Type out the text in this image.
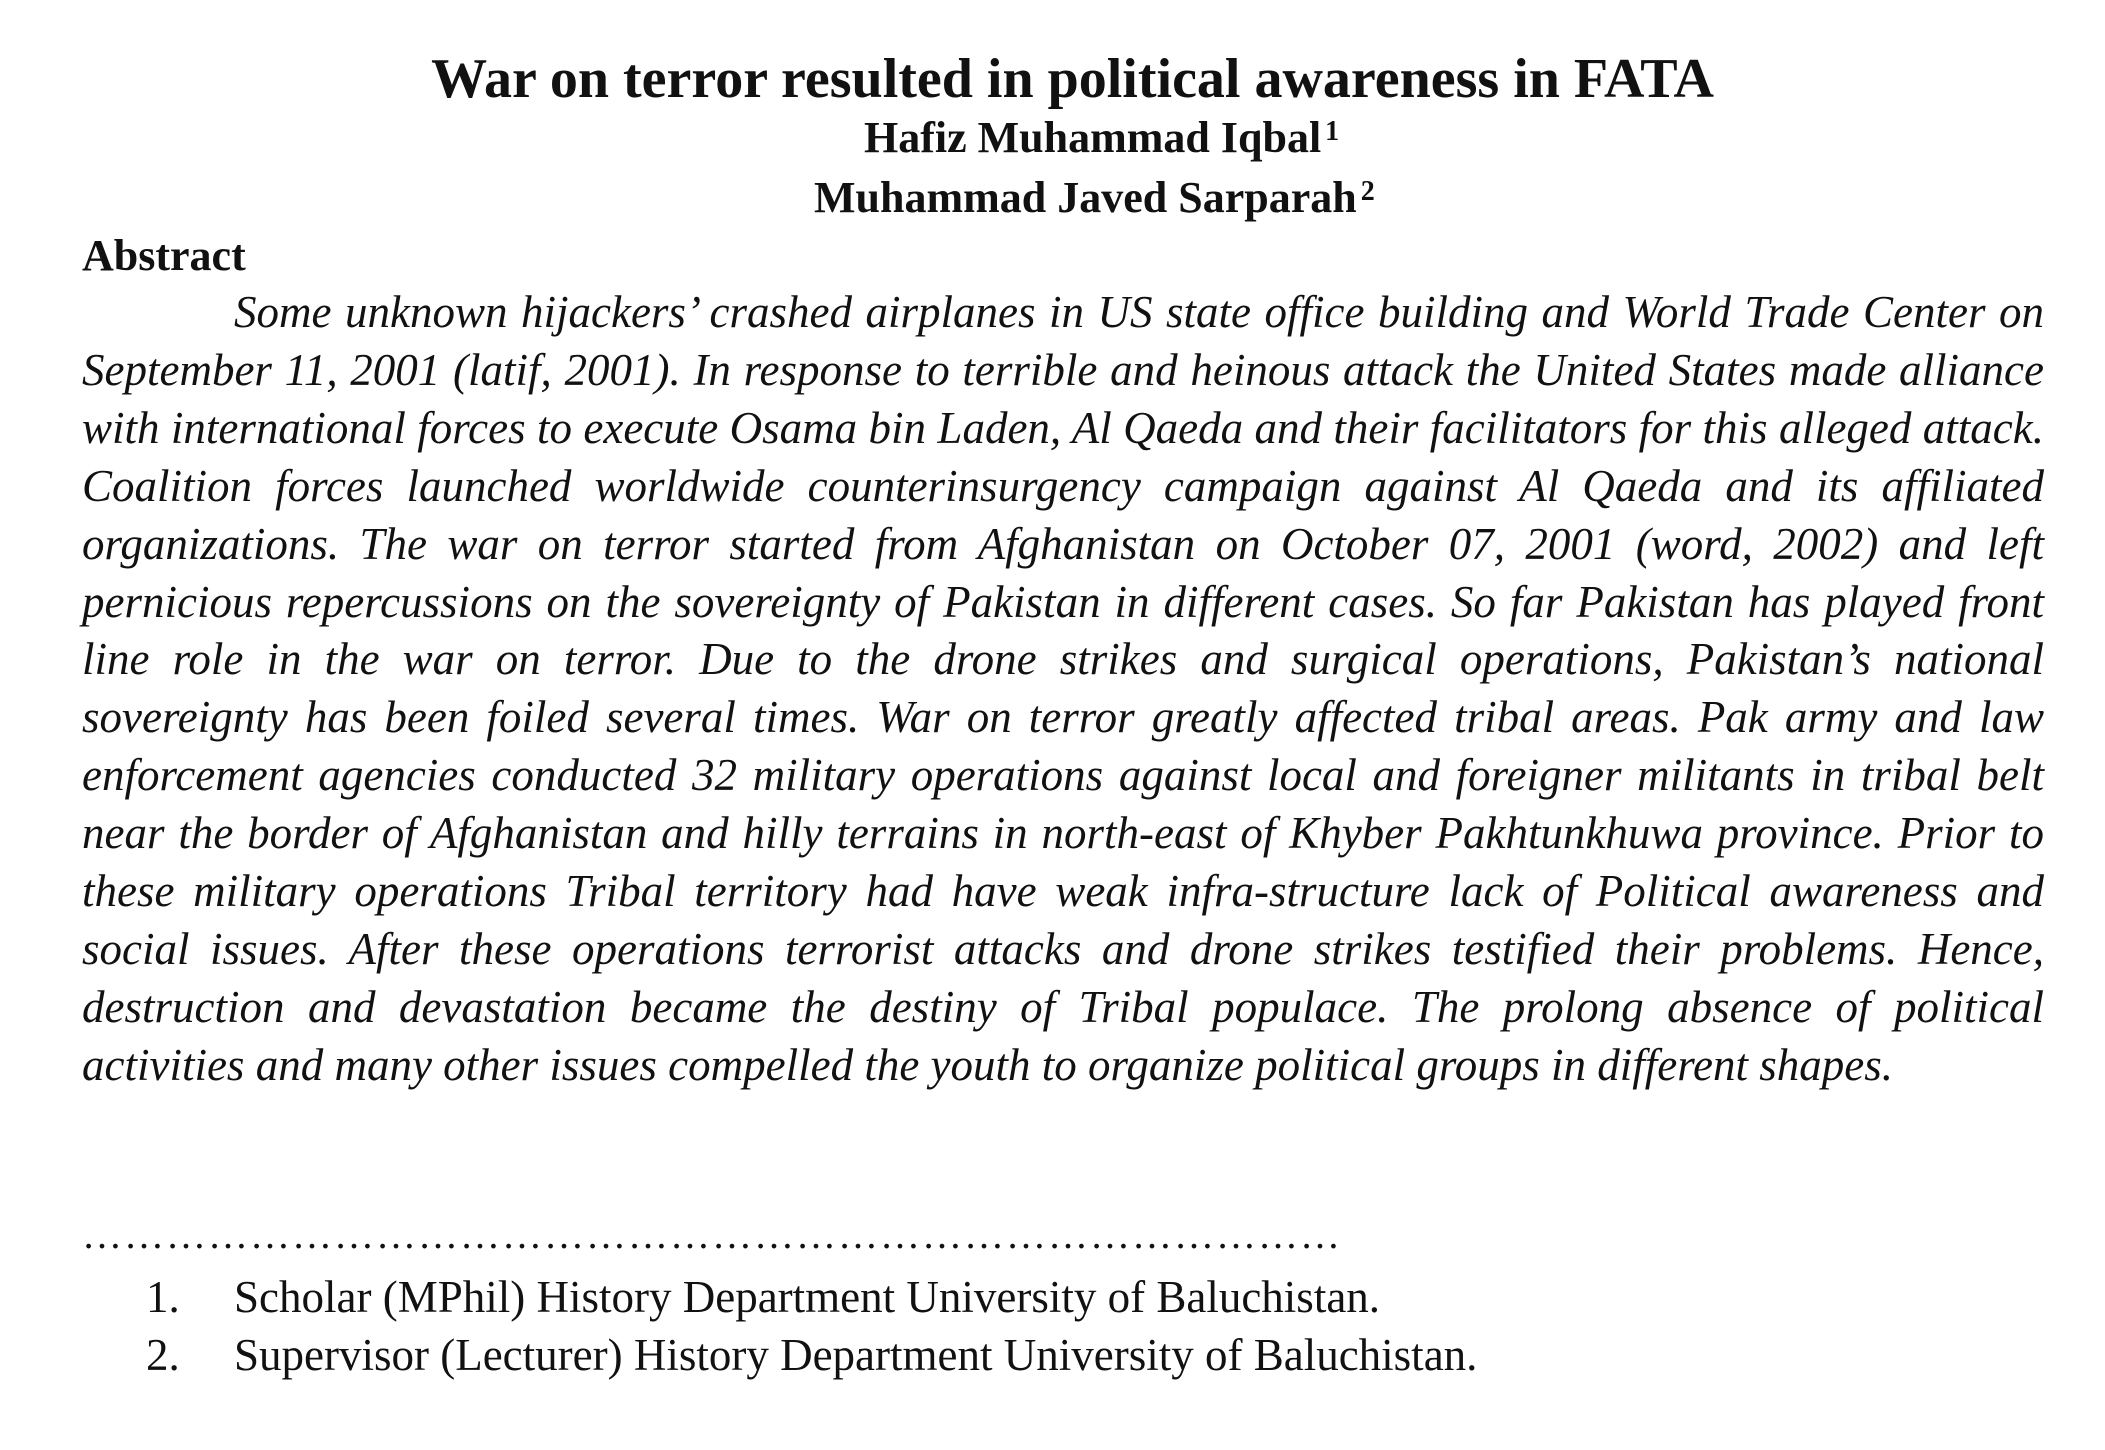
War on terror resulted in political awareness in FATA
Hafiz Muhammad Iqbal $^1$
Muhammad Javed Sarparah $^2$
Abstract

Some unknown hijackers’ crashed airplanes in US state office building and World Trade Center on September 11, 2001 (latif, 2001). In response to terrible and heinous attack the United States made alliance with international forces to execute Osama bin Laden, Al Qaeda and their facilitators for this alleged attack. Coalition forces launched worldwide counterinsurgency campaign against Al Qaeda and its affiliated organizations. The war on terror started from Afghanistan on October 07, 2001 (word, 2002) and left pernicious repercussions on the sovereignty of Pakistan in different cases. So far Pakistan has played front line role in the war on terror. Due to the drone strikes and surgical operations, Pakistan’s national sovereignty has been foiled several times. War on terror greatly affected tribal areas. Pak army and law enforcement agencies conducted 32 military operations against local and foreigner militants in tribal belt near the border of Afghanistan and hilly terrains in north-east of Khyber Pakhtunkhuwa province. Prior to these military operations Tribal territory had have weak infra-structure lack of Political awareness and social issues. After these operations terrorist attacks and drone strikes testified their problems. Hence, destruction and devastation became the destiny of Tribal populace. The prolong absence of political activities and many other issues compelled the youth to organize political groups in different shapes.

………………………………………………………………………………
1.	Scholar (MPhil) History Department University of Baluchistan.
2.	Supervisor (Lecturer) History Department University of Baluchistan.
